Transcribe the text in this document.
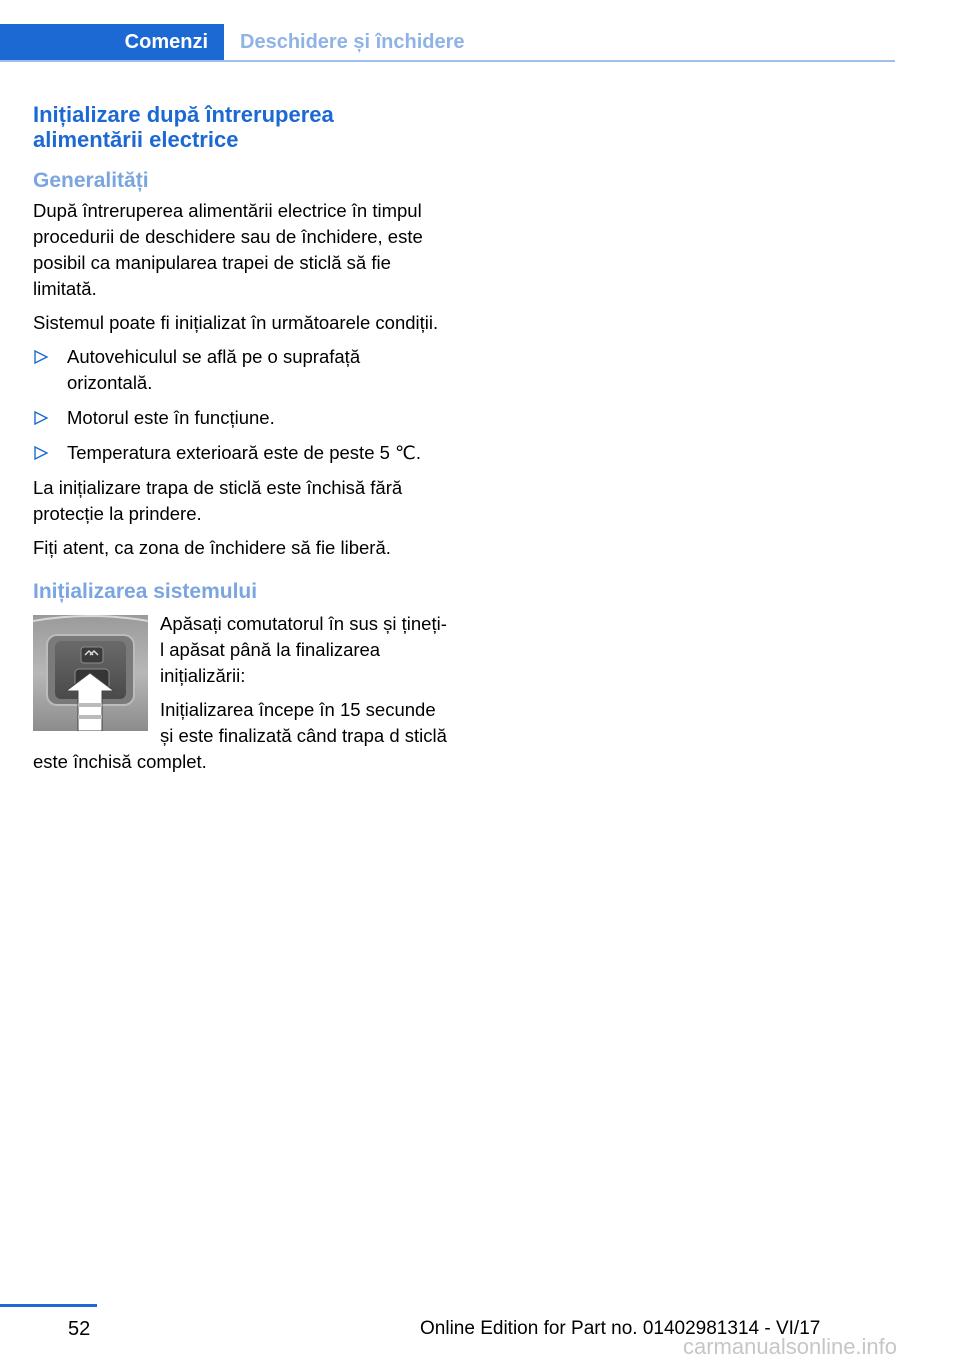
Comenzi	Deschidere și închidere
Inițializare după întreruperea alimentării electrice
Generalități

După întreruperea alimentării electrice în timpul procedurii de deschidere sau de închidere, este posibil ca manipularea trapei de sticlă să fie limitată.

Sistemul poate fi inițializat în următoarele condiții.

Autovehiculul se află pe o suprafață orizontală.
Motorul este în funcțiune.
Temperatura exterioară este de peste 5 ℃.

La inițializare trapa de sticlă este închisă fără protecție la prindere.

Fiți atent, ca zona de închidere să fie liberă.

Inițializarea sistemului

Apăsați comutatorul în sus și țineți-l apăsat până la finalizarea inițializării:

Inițializarea începe în 15 secunde și este finalizată când trapa d sticlă este închisă complet.

52	Online Edition for Part no. 01402981314 - VI/17
carmanualsonline.info
